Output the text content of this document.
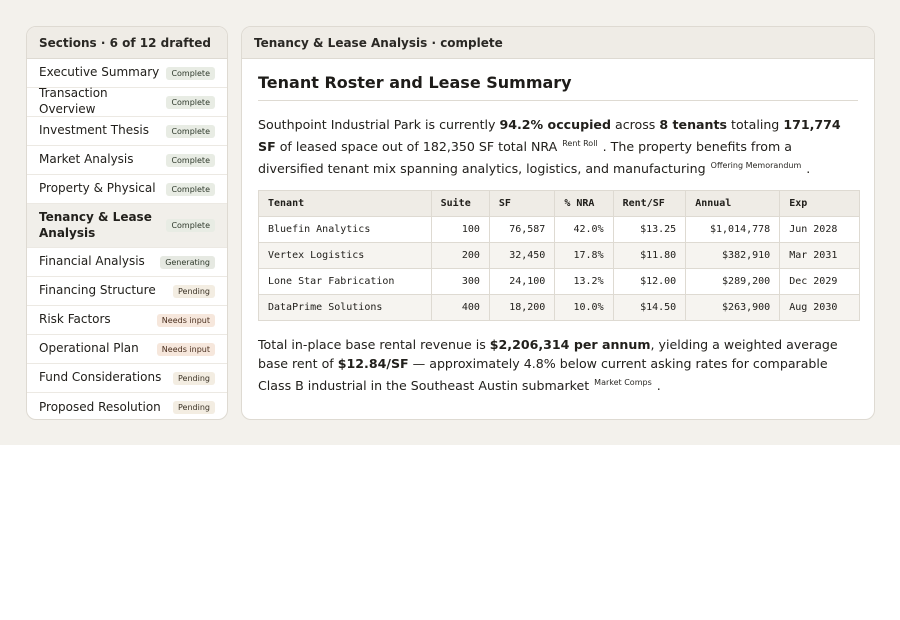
Sections · 6 of 12 drafted
Executive Summary	Complete
Transaction Overview	Complete
Investment Thesis	Complete
Market Analysis	Complete
Property & Physical	Complete
Tenancy & Lease Analysis	Complete
Financial Analysis	Generating
Financing Structure	Pending
Risk Factors	Needs input
Operational Plan	Needs input
Fund Considerations	Pending
Proposed Resolution	Pending
Tenancy & Lease Analysis · complete
Tenant Roster and Lease Summary

Southpoint Industrial Park is currently 94.2% occupied across 8 tenants totaling 171,774 SF of leased space out of 182,350 SF total NRA $^{Rent Roll}$ . The property benefits from a diversified tenant mix spanning analytics, logistics, and manufacturing $^{Offering Memorandum}$ .

Tenant	Suite	SF	% NRA	Rent/SF	Annual	Exp
Bluefin Analytics	100	76,587	42.0%	$13.25	$1,014,778	Jun 2028
Vertex Logistics	200	32,450	17.8%	$11.80	$382,910	Mar 2031
Lone Star Fabrication	300	24,100	13.2%	$12.00	$289,200	Dec 2029
DataPrime Solutions	400	18,200	10.0%	$14.50	$263,900	Aug 2030

Total in-place base rental revenue is $2,206,314 per annum, yielding a weighted average base rent of $12.84/SF — approximately 4.8% below current asking rates for comparable Class B industrial in the Southeast Austin submarket $^{Market Comps}$ .
